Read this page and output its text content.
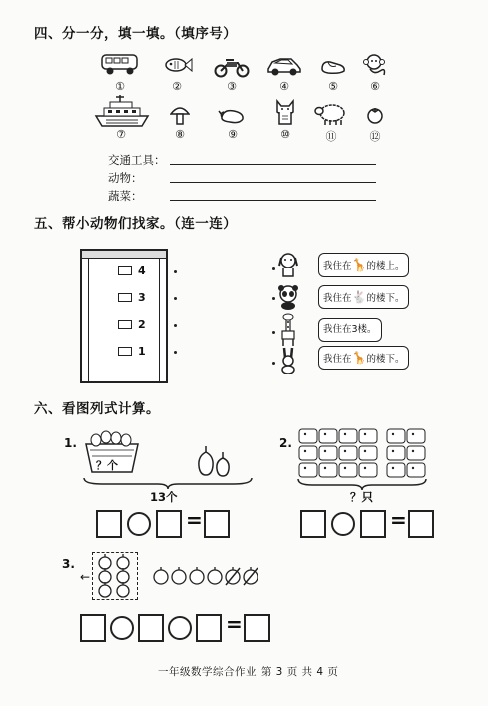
四、分一分，填一填。（填序号）
①	②	③	④	⑤	⑥
⑦	⑧	⑨	⑩	⑪	⑫
交通工具：
动物：
蔬菜：
五、帮小动物们找家。（连一连）
4
3
2
1
我住在🦒的楼上。
我住在🐇的楼下。
我住在3楼。
我住在🦒的楼下。
六、看图列式计算。
1.
？个
13个
=
2.
？只
=
3.
←
=
一年级数学综合作业 第 3 页 共 4 页
